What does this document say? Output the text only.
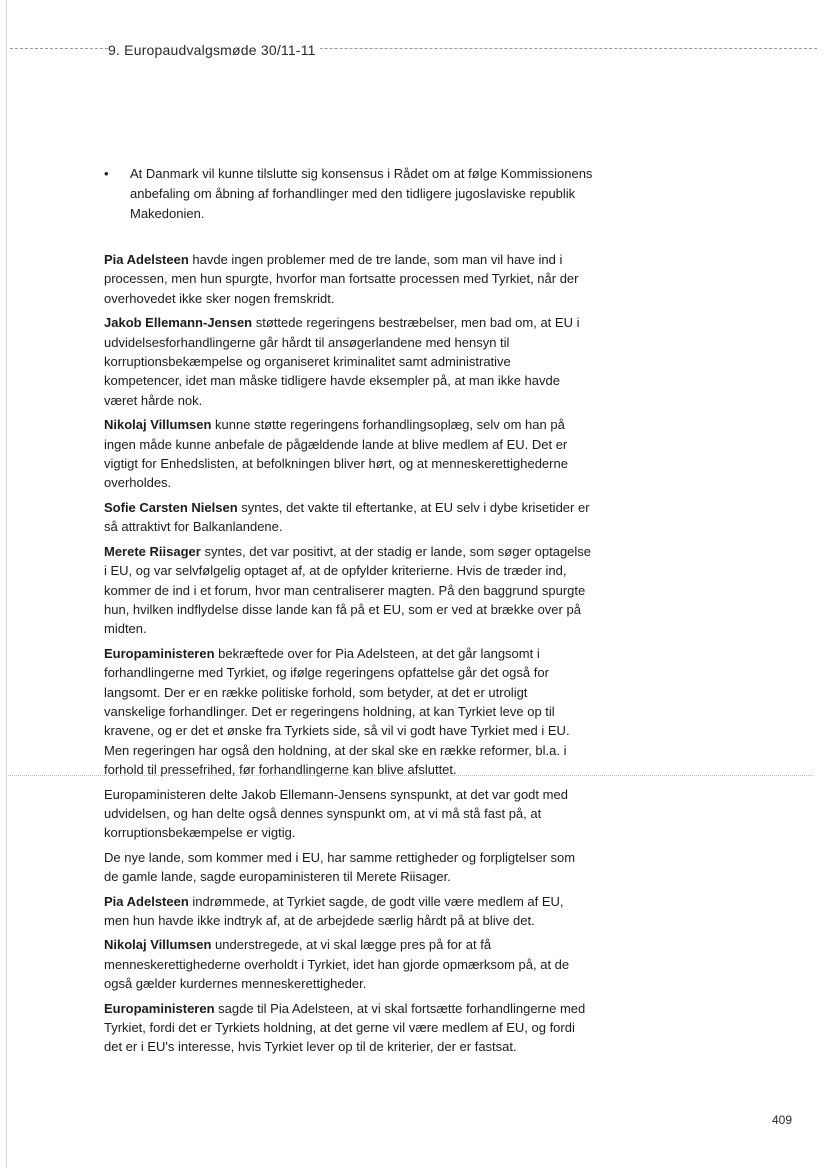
9. Europaudvalgsmøde 30/11-11
• At Danmark vil kunne tilslutte sig konsensus i Rådet om at følge Kommissionens anbefaling om åbning af forhandlinger med den tidligere jugoslaviske republik Makedonien.

Pia Adelsteen havde ingen problemer med de tre lande, som man vil have ind i processen, men hun spurgte, hvorfor man fortsatte processen med Tyrkiet, når der overhovedet ikke sker nogen fremskridt.

Jakob Ellemann-Jensen støttede regeringens bestræbelser, men bad om, at EU i udvidelsesforhandlingerne går hårdt til ansøgerlandene med hensyn til korruptionsbekæmpelse og organiseret kriminalitet samt administrative kompetencer, idet man måske tidligere havde eksempler på, at man ikke havde været hårde nok.

Nikolaj Villumsen kunne støtte regeringens forhandlingsoplæg, selv om han på ingen måde kunne anbefale de pågældende lande at blive medlem af EU. Det er vigtigt for Enhedslisten, at befolkningen bliver hørt, og at menneskerettighederne overholdes.

Sofie Carsten Nielsen syntes, det vakte til eftertanke, at EU selv i dybe krisetider er så attraktivt for Balkanlandene.

Merete Riisager syntes, det var positivt, at der stadig er lande, som søger optagelse i EU, og var selvfølgelig optaget af, at de opfylder kriterierne. Hvis de træder ind, kommer de ind i et forum, hvor man centraliserer magten. På den baggrund spurgte hun, hvilken indflydelse disse lande kan få på et EU, som er ved at brække over på midten.

Europaministeren bekræftede over for Pia Adelsteen, at det går langsomt i forhandlingerne med Tyrkiet, og ifølge regeringens opfattelse går det også for langsomt. Der er en række politiske forhold, som betyder, at det er utroligt vanskelige forhandlinger. Det er regeringens holdning, at kan Tyrkiet leve op til kravene, og er det et ønske fra Tyrkiets side, så vil vi godt have Tyrkiet med i EU. Men regeringen har også den holdning, at der skal ske en række reformer, bl.a. i forhold til pressefrihed, før forhandlingerne kan blive afsluttet.

Europaministeren delte Jakob Ellemann-Jensens synspunkt, at det var godt med udvidelsen, og han delte også dennes synspunkt om, at vi må stå fast på, at korruptionsbekæmpelse er vigtig.

De nye lande, som kommer med i EU, har samme rettigheder og forpligtelser som de gamle lande, sagde europaministeren til Merete Riisager.

Pia Adelsteen indrømmede, at Tyrkiet sagde, de godt ville være medlem af EU, men hun havde ikke indtryk af, at de arbejdede særlig hårdt på at blive det.

Nikolaj Villumsen understregede, at vi skal lægge pres på for at få menneskerettighederne overholdt i Tyrkiet, idet han gjorde opmærksom på, at de også gælder kurdernes menneskerettigheder.

Europaministeren sagde til Pia Adelsteen, at vi skal fortsætte forhandlingerne med Tyrkiet, fordi det er Tyrkiets holdning, at det gerne vil være medlem af EU, og fordi det er i EU's interesse, hvis Tyrkiet lever op til de kriterier, der er fastsat.

409
